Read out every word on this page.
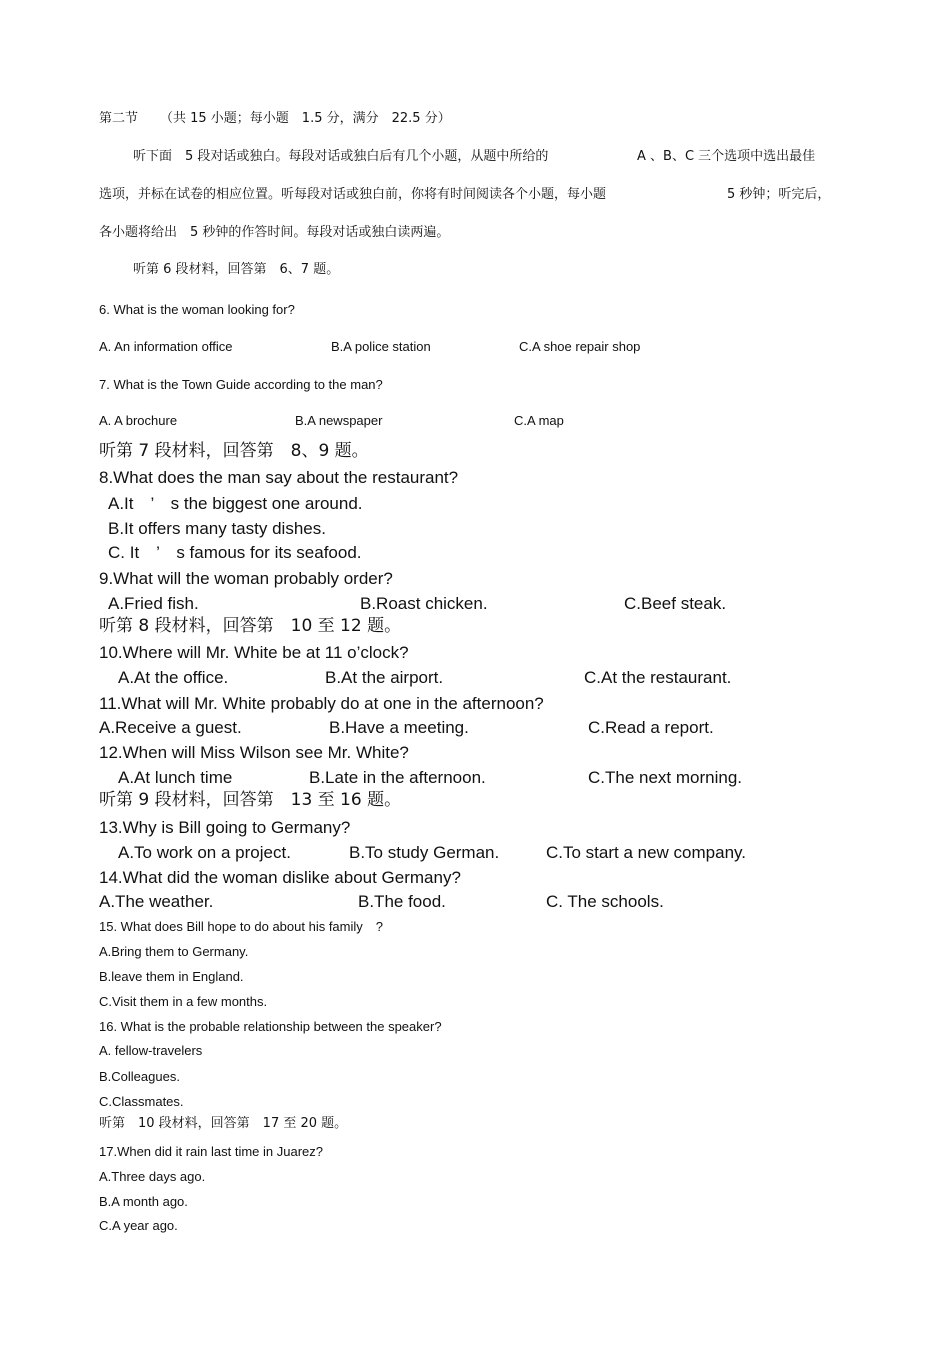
第二节 （共 15 小题；每小题　1.5 分，满分　22.5 分）
听下面　5 段对话或独白。每段对话或独白后有几个小题，从题中所给的	A 、B、C 三个选项中选出最佳
选项，并标在试卷的相应位置。听每段对话或独白前，你将有时间阅读各个小题，每小题	5 秒钟；听完后，
各小题将给出　5 秒钟的作答时间。每段对话或独白读两遍。
听第 6 段材料，回答第　6、7 题。
6. What is the woman looking for?
A. An information office	B.A police station	C.A shoe repair shop
7. What is the Town Guide according to the man?
A. A brochure	B.A newspaper	C.A map
听第 7 段材料，回答第　8、9 题。
8.What does the man say about the restaurant?
A.It　’　s the biggest one around.
B.It offers many tasty dishes.
C. It　’　s famous for its seafood.
9.What will the woman probably order?
A.Fried fish.	B.Roast chicken.	C.Beef steak.
听第 8 段材料，回答第　10 至 12 题。
10.Where will Mr. White be at 11 o’clock?
A.At the office.	B.At the airport.	C.At the restaurant.
11.What will Mr. White probably do at one in the afternoon?
A.Receive a guest.	B.Have a meeting.	C.Read a report.
12.When will Miss Wilson see Mr. White?
A.At lunch time	B.Late in the afternoon.	C.The next morning.
听第 9 段材料，回答第　13 至 16 题。
13.Why is Bill going to Germany?
A.To work on a project.	B.To study German.	C.To start a new company.
14.What did the woman dislike about Germany?
A.The weather.	B.The food.	C. The schools.
15. What does Bill hope to do about his family　?
A.Bring them to Germany.
B.leave them in England.
C.Visit them in a few months.
16. What is the probable relationship between the speaker?
A. fellow-travelers
B.Colleagues.
C.Classmates.
听第　10 段材料，回答第　17 至 20 题。
17.When did it rain last time in Juarez?
A.Three days ago.
B.A month ago.
C.A year ago.
